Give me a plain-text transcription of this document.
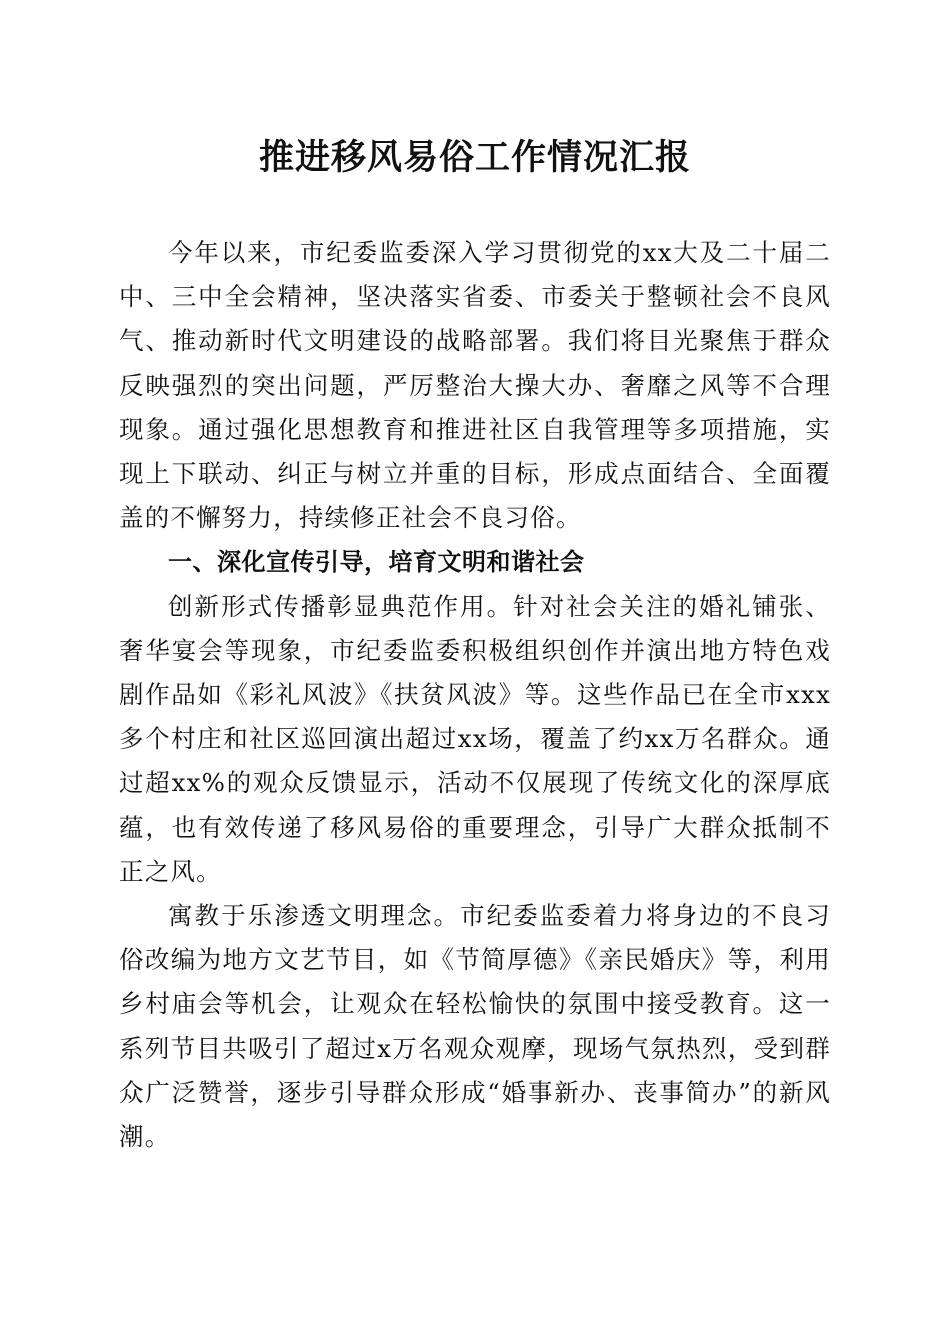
推进移风易俗工作情况汇报

今年以来，市纪委监委深入学习贯彻党的xx大及二十届二中、三中全会精神，坚决落实省委、市委关于整顿社会不良风气、推动新时代文明建设的战略部署。我们将目光聚焦于群众反映强烈的突出问题，严厉整治大操大办、奢靡之风等不合理现象。通过强化思想教育和推进社区自我管理等多项措施，实现上下联动、纠正与树立并重的目标，形成点面结合、全面覆盖的不懈努力，持续修正社会不良习俗。

一、深化宣传引导，培育文明和谐社会

创新形式传播彰显典范作用。针对社会关注的婚礼铺张、奢华宴会等现象，市纪委监委积极组织创作并演出地方特色戏剧作品如《彩礼风波》《扶贫风波》等。这些作品已在全市xxx多个村庄和社区巡回演出超过xx场，覆盖了约xx万名群众。通过超xx%的观众反馈显示，活动不仅展现了传统文化的深厚底蕴，也有效传递了移风易俗的重要理念，引导广大群众抵制不正之风。

寓教于乐渗透文明理念。市纪委监委着力将身边的不良习俗改编为地方文艺节目，如《节简厚德》《亲民婚庆》等，利用乡村庙会等机会，让观众在轻松愉快的氛围中接受教育。这一系列节目共吸引了超过x万名观众观摩，现场气氛热烈，受到群众广泛赞誉，逐步引导群众形成“婚事新办、丧事简办”的新风潮。
